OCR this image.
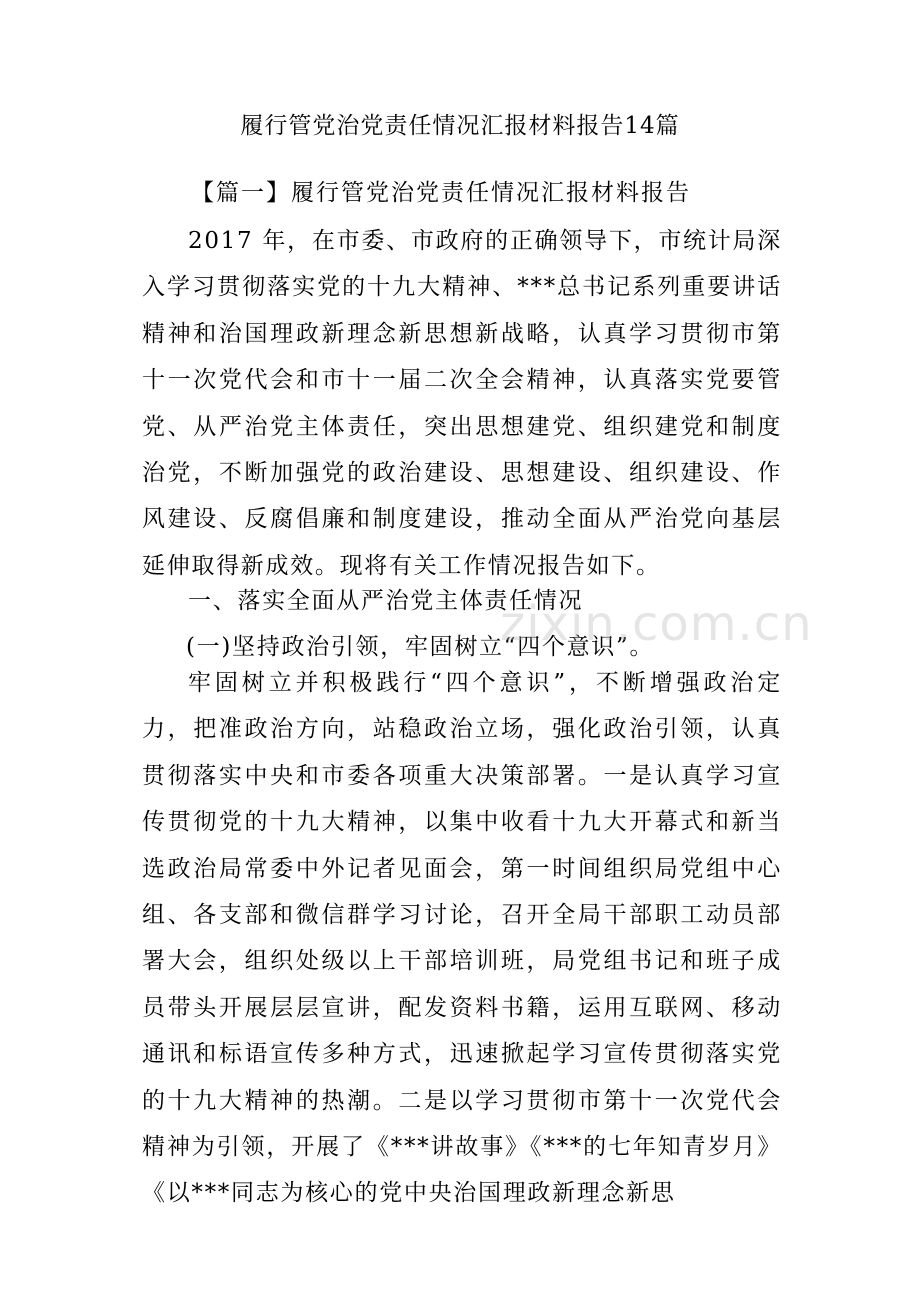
履行管党治党责任情况汇报材料报告14篇
【篇一】履行管党治党责任情况汇报材料报告

2017 年，在市委、市政府的正确领导下，市统计局深入学习贯彻落实党的十九大精神、***总书记系列重要讲话精神和治国理政新理念新思想新战略，认真学习贯彻市第十一次党代会和市十一届二次全会精神，认真落实党要管党、从严治党主体责任，突出思想建党、组织建党和制度治党，不断加强党的政治建设、思想建设、组织建设、作风建设、反腐倡廉和制度建设，推动全面从严治党向基层延伸取得新成效。现将有关工作情况报告如下。

一、落实全面从严治党主体责任情况
(一)坚持政治引领，牢固树立“四个意识”。

牢固树立并积极践行“四个意识”，不断增强政治定力，把准政治方向，站稳政治立场，强化政治引领，认真贯彻落实中央和市委各项重大决策部署。一是认真学习宣传贯彻党的十九大精神，以集中收看十九大开幕式和新当选政治局常委中外记者见面会，第一时间组织局党组中心组、各支部和微信群学习讨论，召开全局干部职工动员部署大会，组织处级以上干部培训班，局党组书记和班子成员带头开展层层宣讲，配发资料书籍，运用互联网、移动通讯和标语宣传多种方式，迅速掀起学习宣传贯彻落实党的十九大精神的热潮。二是以学习贯彻市第十一次党代会精神为引领，开展了《***讲故事》《***的七年知青岁月》《以***同志为核心的党中央治国理政新理念新思

zixin.com.cn
